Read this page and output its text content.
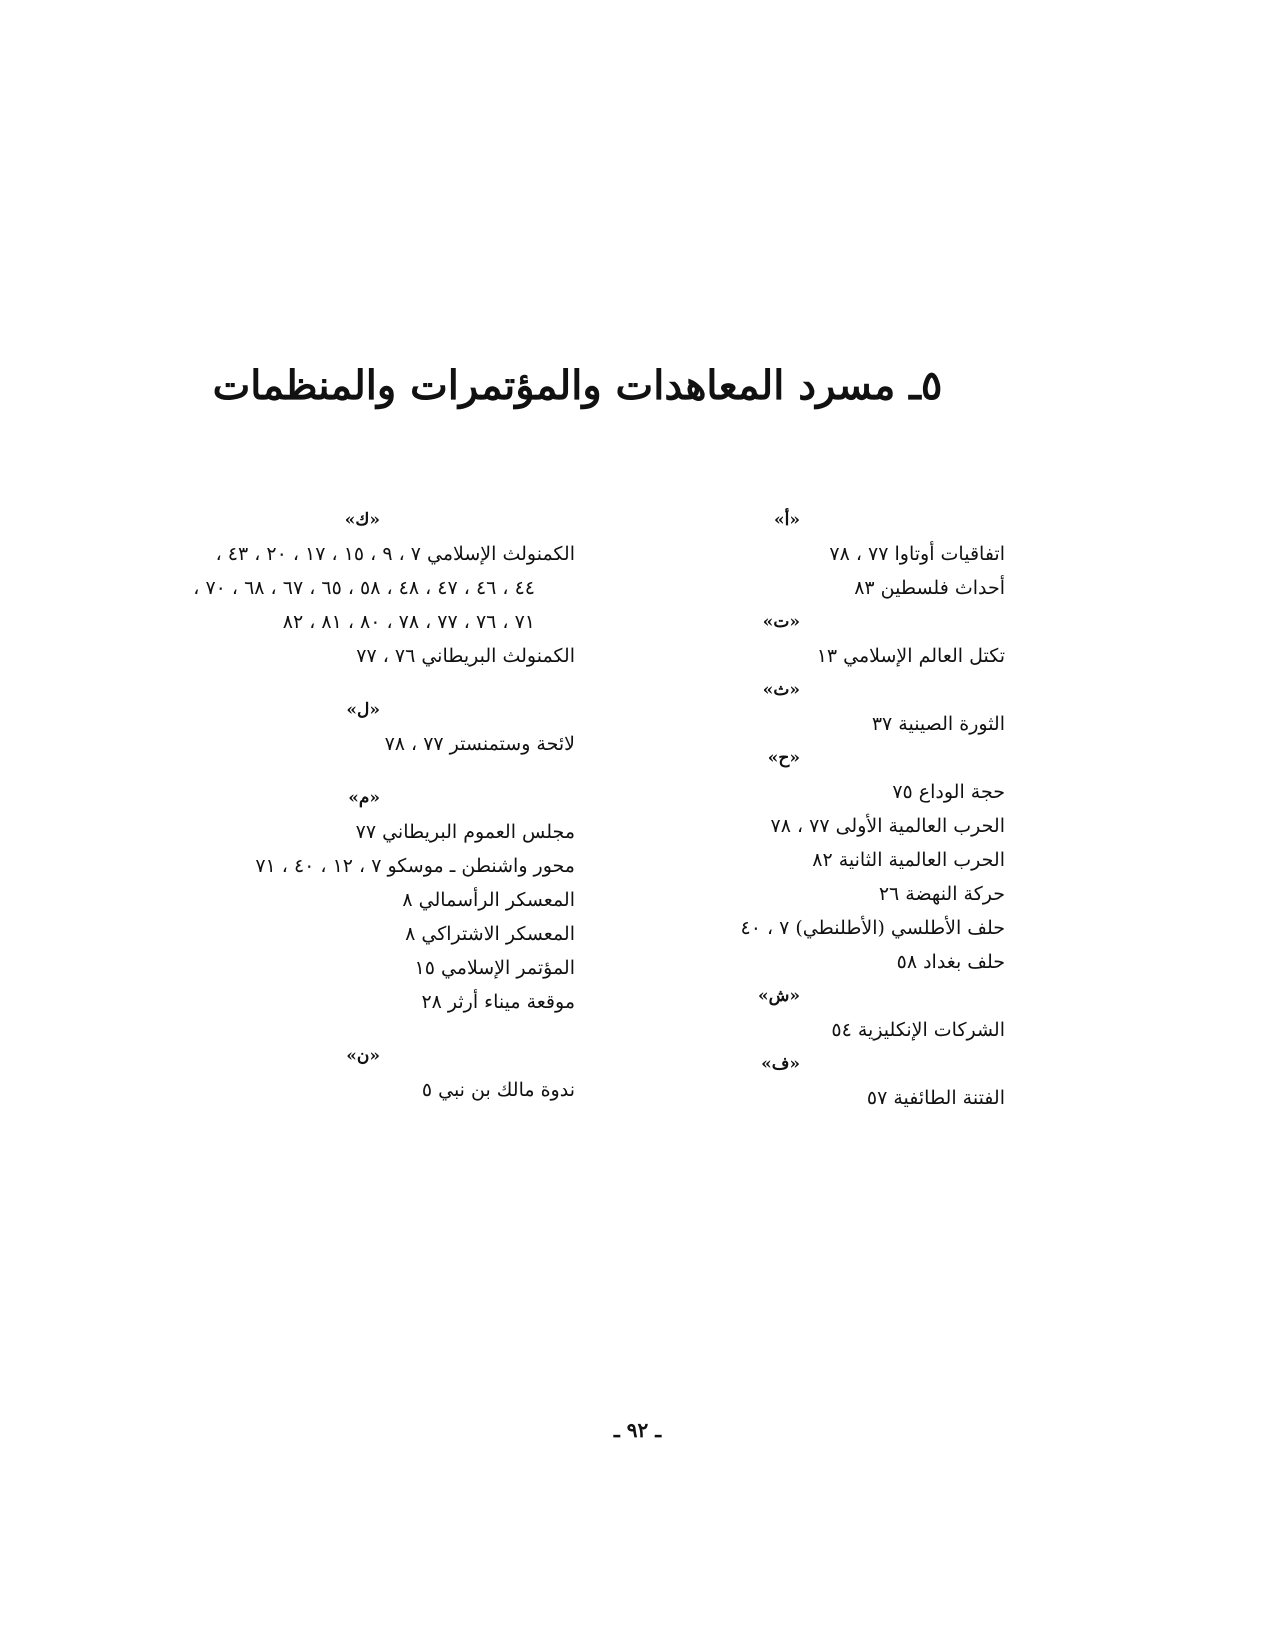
٥ـ مسرد المعاهدات والمؤتمرات والمنظمات
«أ»
اتفاقيات أوتاوا ٧٧ ، ٧٨
أحداث فلسطين ٨٣
«ت»
تكتل العالم الإسلامي ١٣
«ث»
الثورة الصينية ٣٧
«ح»
حجة الوداع ٧٥
الحرب العالمية الأولى ٧٧ ، ٧٨
الحرب العالمية الثانية ٨٢
حركة النهضة ٢٦
حلف الأطلسي (الأطلنطي) ٧ ، ٤٠
حلف بغداد ٥٨
«ش»
الشركات الإنكليزية ٥٤
«ف»
الفتنة الطائفية ٥٧
«ك»
الكمنولث الإسلامي ٧ ، ٩ ، ١٥ ، ١٧ ، ٢٠ ، ٤٣ ،
٤٤ ، ٤٦ ، ٤٧ ، ٤٨ ، ٥٨ ، ٦٥ ، ٦٧ ، ٦٨ ، ٧٠ ،
٧١ ، ٧٦ ، ٧٧ ، ٧٨ ، ٨٠ ، ٨١ ، ٨٢
الكمنولث البريطاني ٧٦ ، ٧٧
«ل»
لائحة وستمنستر ٧٧ ، ٧٨
«م»
مجلس العموم البريطاني ٧٧
محور واشنطن ـ موسكو ٧ ، ١٢ ، ٤٠ ، ٧١
المعسكر الرأسمالي ٨
المعسكر الاشتراكي ٨
المؤتمر الإسلامي ١٥
موقعة ميناء أرثر ٢٨
«ن»
ندوة مالك بن نبي ٥
ـ ٩٢ ـ
